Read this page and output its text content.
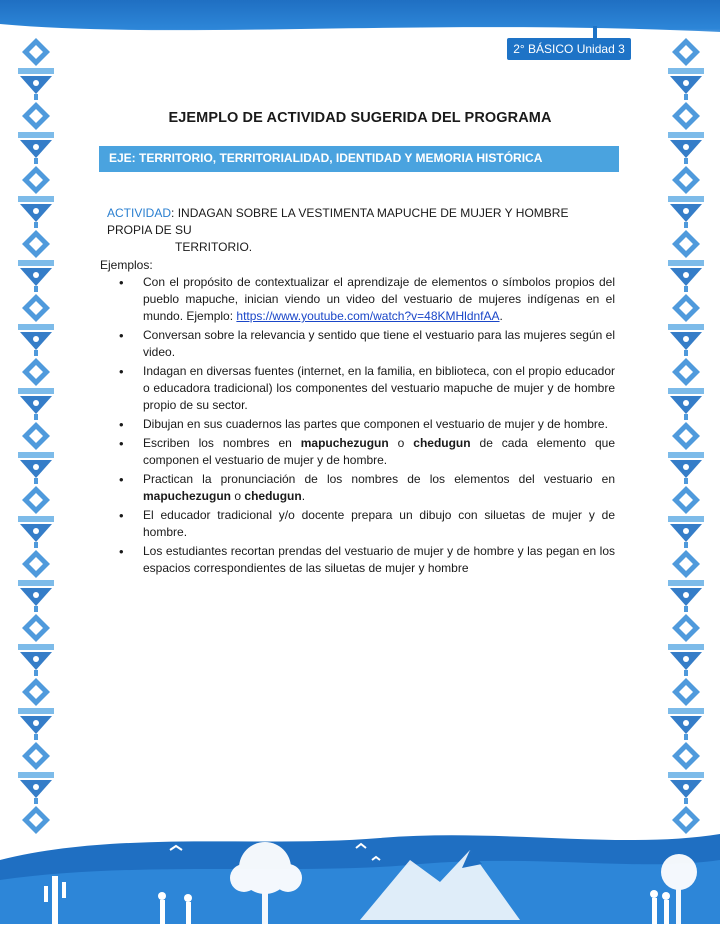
2° BÁSICO Unidad 3
EJEMPLO DE ACTIVIDAD SUGERIDA DEL PROGRAMA
EJE: TERRITORIO, TERRITORIALIDAD, IDENTIDAD Y MEMORIA HISTÓRICA
ACTIVIDAD: INDAGAN SOBRE LA VESTIMENTA MAPUCHE DE MUJER Y HOMBRE PROPIA DE SU
TERRITORIO.
Ejemplos:
• Con el propósito de contextualizar el aprendizaje de elementos o símbolos propios del pueblo mapuche, inician viendo un video del vestuario de mujeres indígenas en el mundo. Ejemplo: https://www.youtube.com/watch?v=48KMHldnfAA.
• Conversan sobre la relevancia y sentido que tiene el vestuario para las mujeres según el video.
• Indagan en diversas fuentes (internet, en la familia, en biblioteca, con el propio educador o educadora tradicional) los componentes del vestuario mapuche de mujer y de hombre propio de su sector.
• Dibujan en sus cuadernos las partes que componen el vestuario de mujer y de hombre.
• Escriben los nombres en mapuchezugun o chedugun de cada elemento que componen el vestuario de mujer y de hombre.
• Practican la pronunciación de los nombres de los elementos del vestuario en mapuchezugun o chedugun.
• El educador tradicional y/o docente prepara un dibujo con siluetas de mujer y de hombre.
• Los estudiantes recortan prendas del vestuario de mujer y de hombre y las pegan en los espacios correspondientes de las siluetas de mujer y hombre
